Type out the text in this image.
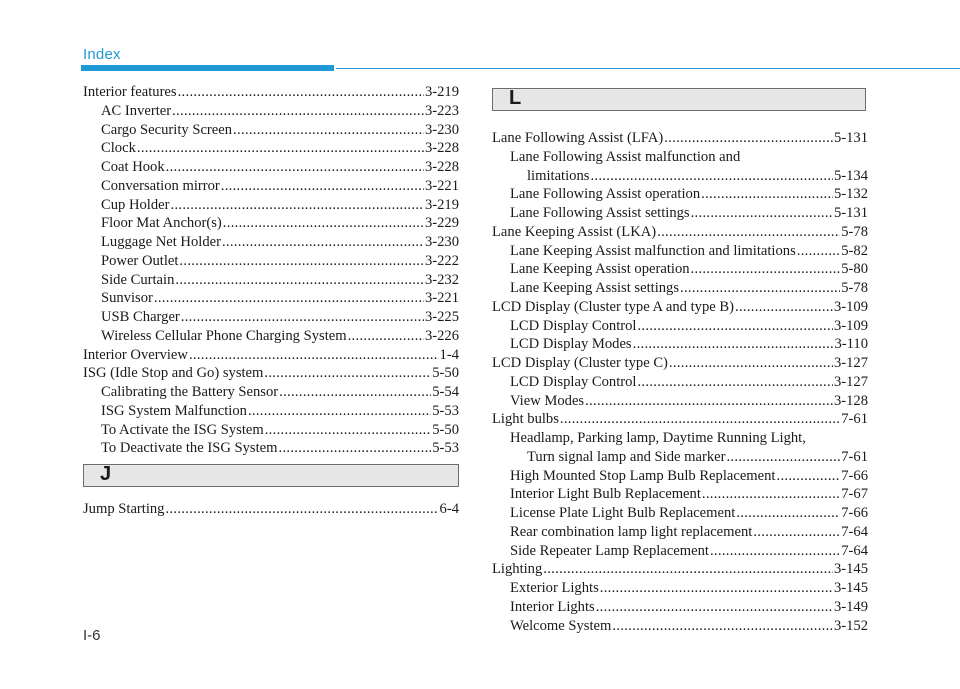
Index
Interior features .....	3-219
AC Inverter .....	3-223
Cargo Security Screen .....	3-230
Clock .....	3-228
Coat Hook .....	3-228
Conversation mirror .....	3-221
Cup Holder .....	3-219
Floor Mat Anchor(s) .....	3-229
Luggage Net Holder .....	3-230
Power Outlet .....	3-222
Side Curtain .....	3-232
Sunvisor .....	3-221
USB Charger .....	3-225
Wireless Cellular Phone Charging System .....	3-226
Interior Overview .....	1-4
ISG (Idle Stop and Go) system .....	5-50
Calibrating the Battery Sensor .....	5-54
ISG System Malfunction .....	5-53
To Activate the ISG System .....	5-50
To Deactivate the ISG System .....	5-53
J
Jump Starting .....	6-4
L
Lane Following Assist (LFA) .....	5-131
Lane Following Assist malfunction and
limitations .....	5-134
Lane Following Assist operation .....	5-132
Lane Following Assist settings .....	5-131
Lane Keeping Assist (LKA) .....	5-78
Lane Keeping Assist malfunction and limitations .....	5-82
Lane Keeping Assist operation .....	5-80
Lane Keeping Assist settings .....	5-78
LCD Display (Cluster type A and type B) .....	3-109
LCD Display Control .....	3-109
LCD Display Modes .....	3-110
LCD Display (Cluster type C) .....	3-127
LCD Display Control .....	3-127
View Modes .....	3-128
Light bulbs .....	7-61
Headlamp, Parking lamp, Daytime Running Light,
Turn signal lamp and Side marker .....	7-61
High Mounted Stop Lamp Bulb Replacement .....	7-66
Interior Light Bulb Replacement .....	7-67
License Plate Light Bulb Replacement .....	7-66
Rear combination lamp light replacement .....	7-64
Side Repeater Lamp Replacement .....	7-64
Lighting .....	3-145
Exterior Lights .....	3-145
Interior Lights .....	3-149
Welcome System .....	3-152
I-6
